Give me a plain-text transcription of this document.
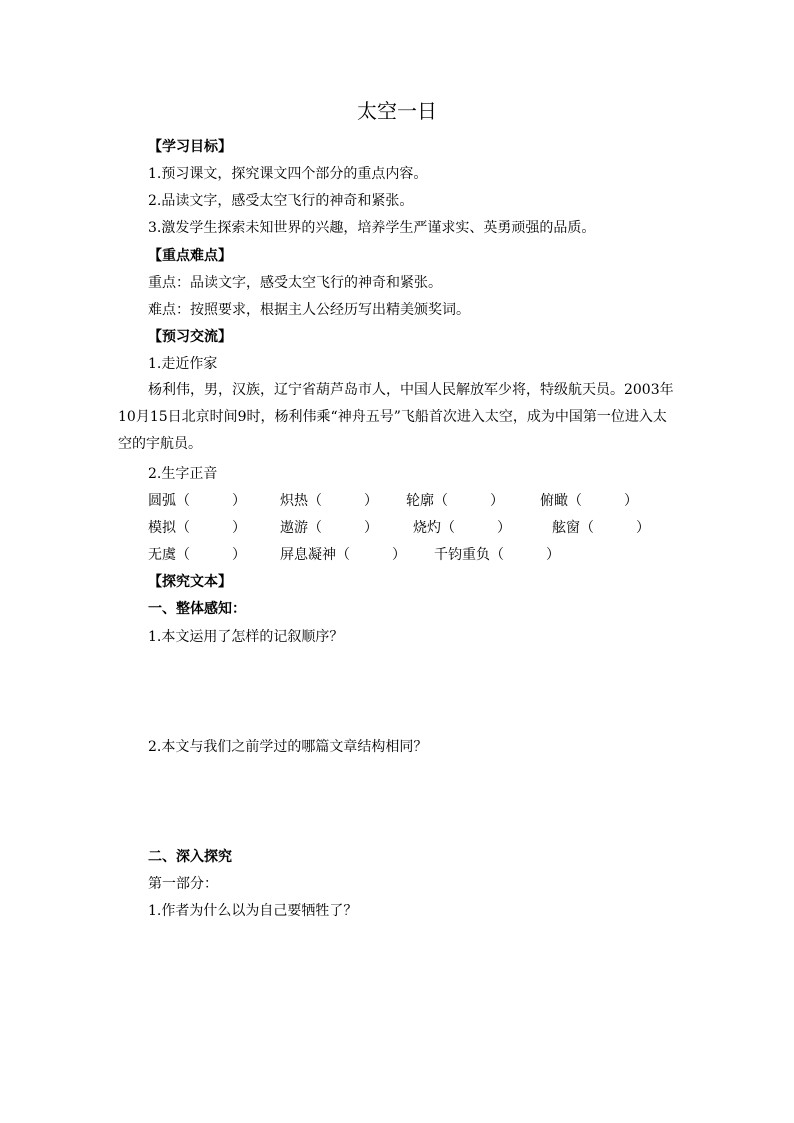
太空一日
【学习目标】
1.预习课文，探究课文四个部分的重点内容。
2.品读文字，感受太空飞行的神奇和紧张。
3.激发学生探索未知世界的兴趣，培养学生严谨求实、英勇顽强的品质。
【重点难点】
重点：品读文字，感受太空飞行的神奇和紧张。
难点：按照要求，根据主人公经历写出精美颁奖词。
【预习交流】
1.走近作家
杨利伟，男，汉族，辽宁省葫芦岛市人，中国人民解放军少将，特级航天员。2003年10月15日北京时间9时，杨利伟乘“神舟五号”飞船首次进入太空，成为中国第一位进入太空的宇航员。
2.生字正音
圆弧（　　　） 炽热（　　　） 轮廓（　　　）	俯瞰（　　　）
模拟（　　　） 遨游（　　　）	烧灼（　　　）	舷窗（　　　）
无虞（　　　） 屏息凝神（　　　） 千钧重负（　　　）
【探究文本】
一、整体感知：
1.本文运用了怎样的记叙顺序？
2.本文与我们之前学过的哪篇文章结构相同？
二、深入探究
第一部分：
1.作者为什么以为自己要牺牲了？
